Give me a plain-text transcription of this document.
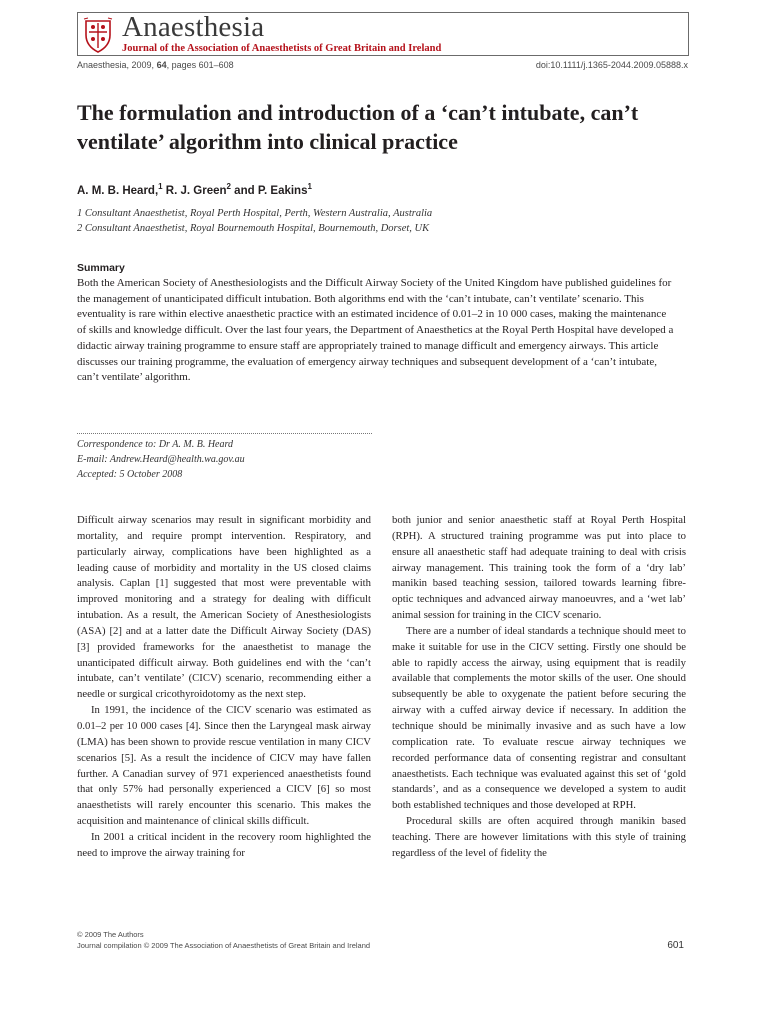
Anaesthesia
Journal of the Association of Anaesthetists of Great Britain and Ireland
Anaesthesia, 2009, 64, pages 601–608	doi:10.1111/j.1365-2044.2009.05888.x
The formulation and introduction of a ‘can’t intubate, can’t ventilate’ algorithm into clinical practice
A. M. B. Heard,$^1$ R. J. Green$^2$ and P. Eakins$^1$
1 Consultant Anaesthetist, Royal Perth Hospital, Perth, Western Australia, Australia
2 Consultant Anaesthetist, Royal Bournemouth Hospital, Bournemouth, Dorset, UK
Summary

Both the American Society of Anesthesiologists and the Difficult Airway Society of the United Kingdom have published guidelines for the management of unanticipated difficult intubation. Both algorithms end with the ‘can’t intubate, can’t ventilate’ scenario. This eventuality is rare within elective anaesthetic practice with an estimated incidence of 0.01–2 in 10 000 cases, making the maintenance of skills and knowledge difficult. Over the last four years, the Department of Anaesthetics at the Royal Perth Hospital have developed a didactic airway training programme to ensure staff are appropriately trained to manage difficult and emergency airways. This article discusses our training programme, the evaluation of emergency airway techniques and subsequent development of a ‘can’t intubate, can’t ventilate’ algorithm.

Correspondence to: Dr A. M. B. Heard
E-mail: Andrew.Heard@health.wa.gov.au
Accepted: 5 October 2008

Difficult airway scenarios may result in significant morbidity and mortality, and require prompt intervention. Respiratory, and particularly airway, complications have been highlighted as a leading cause of morbidity and mortality in the US closed claims analysis. Caplan [1] suggested that most were preventable with improved monitoring and a strategy for dealing with difficult intubation. As a result, the American Society of Anesthesiologists (ASA) [2] and at a latter date the Difficult Airway Society (DAS) [3] provided frameworks for the anaesthetist to manage the unanticipated difficult airway. Both guidelines end with the ‘can’t intubate, can’t ventilate’ (CICV) scenario, recommending either a needle or surgical cricothyroidotomy as the next step.

In 1991, the incidence of the CICV scenario was estimated as 0.01–2 per 10 000 cases [4]. Since then the Laryngeal mask airway (LMA) has been shown to provide rescue ventilation in many CICV scenarios [5]. As a result the incidence of CICV may have fallen further. A Canadian survey of 971 experienced anaesthetists found that only 57% had personally experienced a CICV [6] so most anaesthetists will rarely encounter this scenario. This makes the acquisition and maintenance of clinical skills difficult.

In 2001 a critical incident in the recovery room highlighted the need to improve the airway training for

both junior and senior anaesthetic staff at Royal Perth Hospital (RPH). A structured training programme was put into place to ensure all anaesthetic staff had adequate training to deal with crisis airway management. This training took the form of a ‘dry lab’ manikin based teaching session, tailored towards learning fibre-optic techniques and advanced airway manoeuvres, and a ‘wet lab’ animal session for training in the CICV scenario.

There are a number of ideal standards a technique should meet to make it suitable for use in the CICV setting. Firstly one should be able to rapidly access the airway, using equipment that is readily available that complements the motor skills of the user. One should subsequently be able to oxygenate the patient before securing the airway with a cuffed airway device if necessary. In addition the technique should be minimally invasive and as such have a low complication rate. To evaluate rescue airway techniques we recorded performance data of consenting registrar and consultant anaesthetists. Each technique was evaluated against this set of ‘gold standards’, and as a consequence we developed a system to audit both established techniques and those developed at RPH.

Procedural skills are often acquired through manikin based teaching. There are however limitations with this style of training regardless of the level of fidelity the

© 2009 The Authors
Journal compilation © 2009 The Association of Anaesthetists of Great Britain and Ireland	601
